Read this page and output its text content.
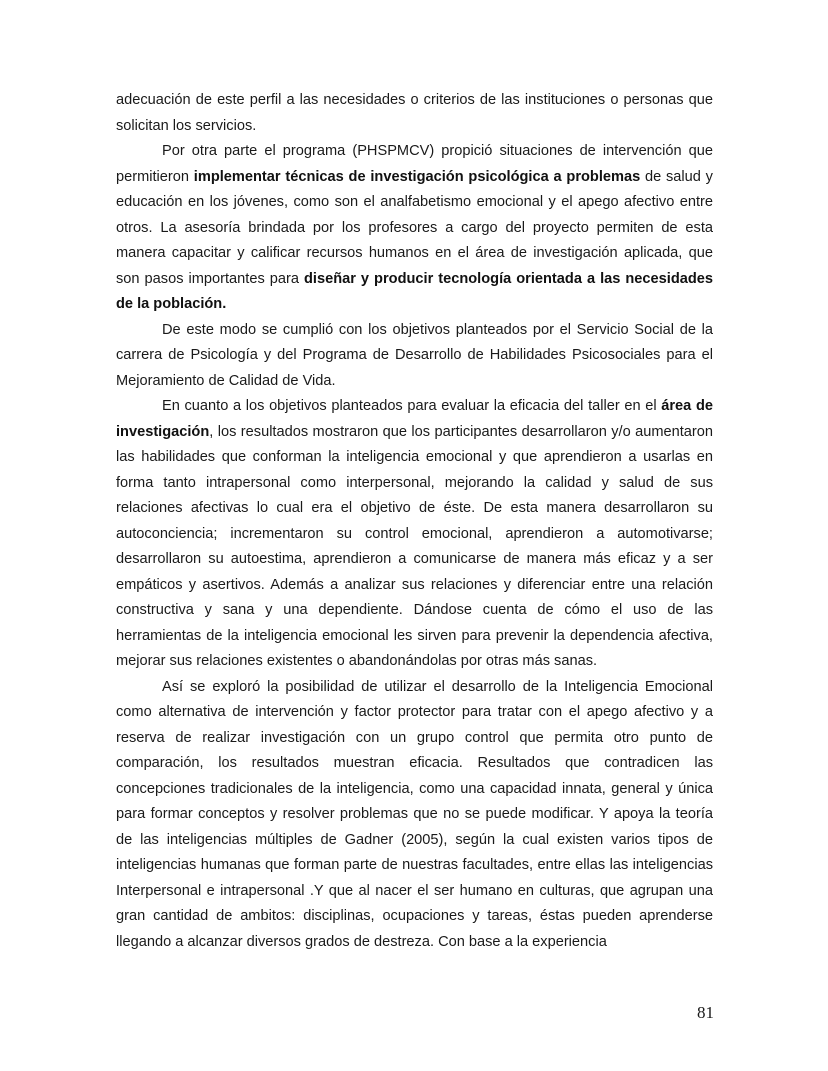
adecuación de este perfil a las necesidades o criterios de las instituciones o personas que solicitan los servicios.

Por otra parte el programa (PHSPMCV) propició situaciones de intervención que permitieron implementar técnicas de investigación psicológica a problemas de salud y educación en los jóvenes, como son el analfabetismo emocional y el apego afectivo entre otros. La asesoría brindada por los profesores a cargo del proyecto permiten de esta manera capacitar y calificar recursos humanos en el área de investigación aplicada, que son pasos importantes para diseñar y producir tecnología orientada a las necesidades de la población.

De este modo se cumplió con los objetivos planteados por el Servicio Social de la carrera de Psicología y del Programa de Desarrollo de Habilidades Psicosociales para el Mejoramiento de Calidad de Vida.

En cuanto a los objetivos planteados para evaluar la eficacia del taller en el área de investigación, los resultados mostraron que los participantes desarrollaron y/o aumentaron las habilidades que conforman la inteligencia emocional y que aprendieron a usarlas en forma tanto intrapersonal como interpersonal, mejorando la calidad y salud de sus relaciones afectivas lo cual era el objetivo de éste. De esta manera desarrollaron su autoconciencia; incrementaron su control emocional, aprendieron a automotivarse; desarrollaron su autoestima, aprendieron a comunicarse de manera más eficaz y a ser empáticos y asertivos. Además a analizar sus relaciones y diferenciar entre una relación constructiva y sana y una dependiente. Dándose cuenta de cómo el uso de las herramientas de la inteligencia emocional les sirven para prevenir la dependencia afectiva, mejorar sus relaciones existentes o abandonándolas por otras más sanas.

Así se exploró la posibilidad de utilizar el desarrollo de la Inteligencia Emocional como alternativa de intervención y factor protector para tratar con el apego afectivo y a reserva de realizar investigación con un grupo control que permita otro punto de comparación, los resultados muestran eficacia. Resultados que contradicen las concepciones tradicionales de la inteligencia, como una capacidad innata, general y única para formar conceptos y resolver problemas que no se puede modificar. Y apoya la teoría de las inteligencias múltiples de Gadner (2005), según la cual existen varios tipos de inteligencias humanas que forman parte de nuestras facultades, entre ellas las inteligencias Interpersonal e intrapersonal .Y que al nacer el ser humano en culturas, que agrupan una gran cantidad de ambitos: disciplinas, ocupaciones y tareas, éstas pueden aprenderse llegando a alcanzar diversos grados de destreza. Con base a la experiencia

81
